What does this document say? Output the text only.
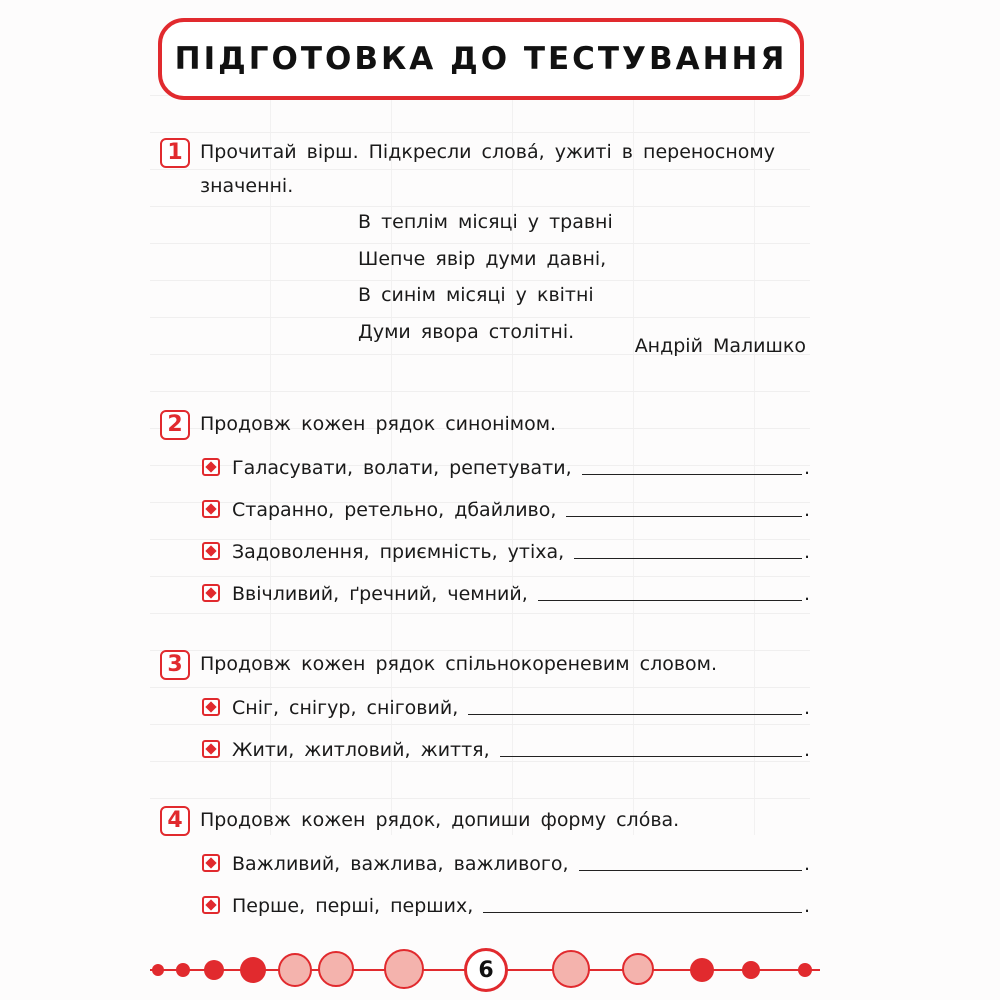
ПІДГОТОВКА ДО ТЕСТУВАННЯ
1 Прочитай вірш. Підкресли слова́, ужиті в переносному значенні.
В теплім місяці у травні
Шепче явір думи давні,
В синім місяці у квітні
Думи явора столітні.
Андрій Малишко
2 Продовж кожен рядок синонімом.
Галасувати, волати, репетувати,	.
Старанно, ретельно, дбайливо,	.
Задоволення, приємність, утіха,	.
Ввічливий, ґречний, чемний,	.
3 Продовж кожен рядок спільнокореневим словом.
Сніг, снігур, сніговий,	.
Жити, житловий, життя,	.
4 Продовж кожен рядок, допиши форму сло́ва.
Важливий, важлива, важливого,	.
Перше, перші, перших,	.
6
